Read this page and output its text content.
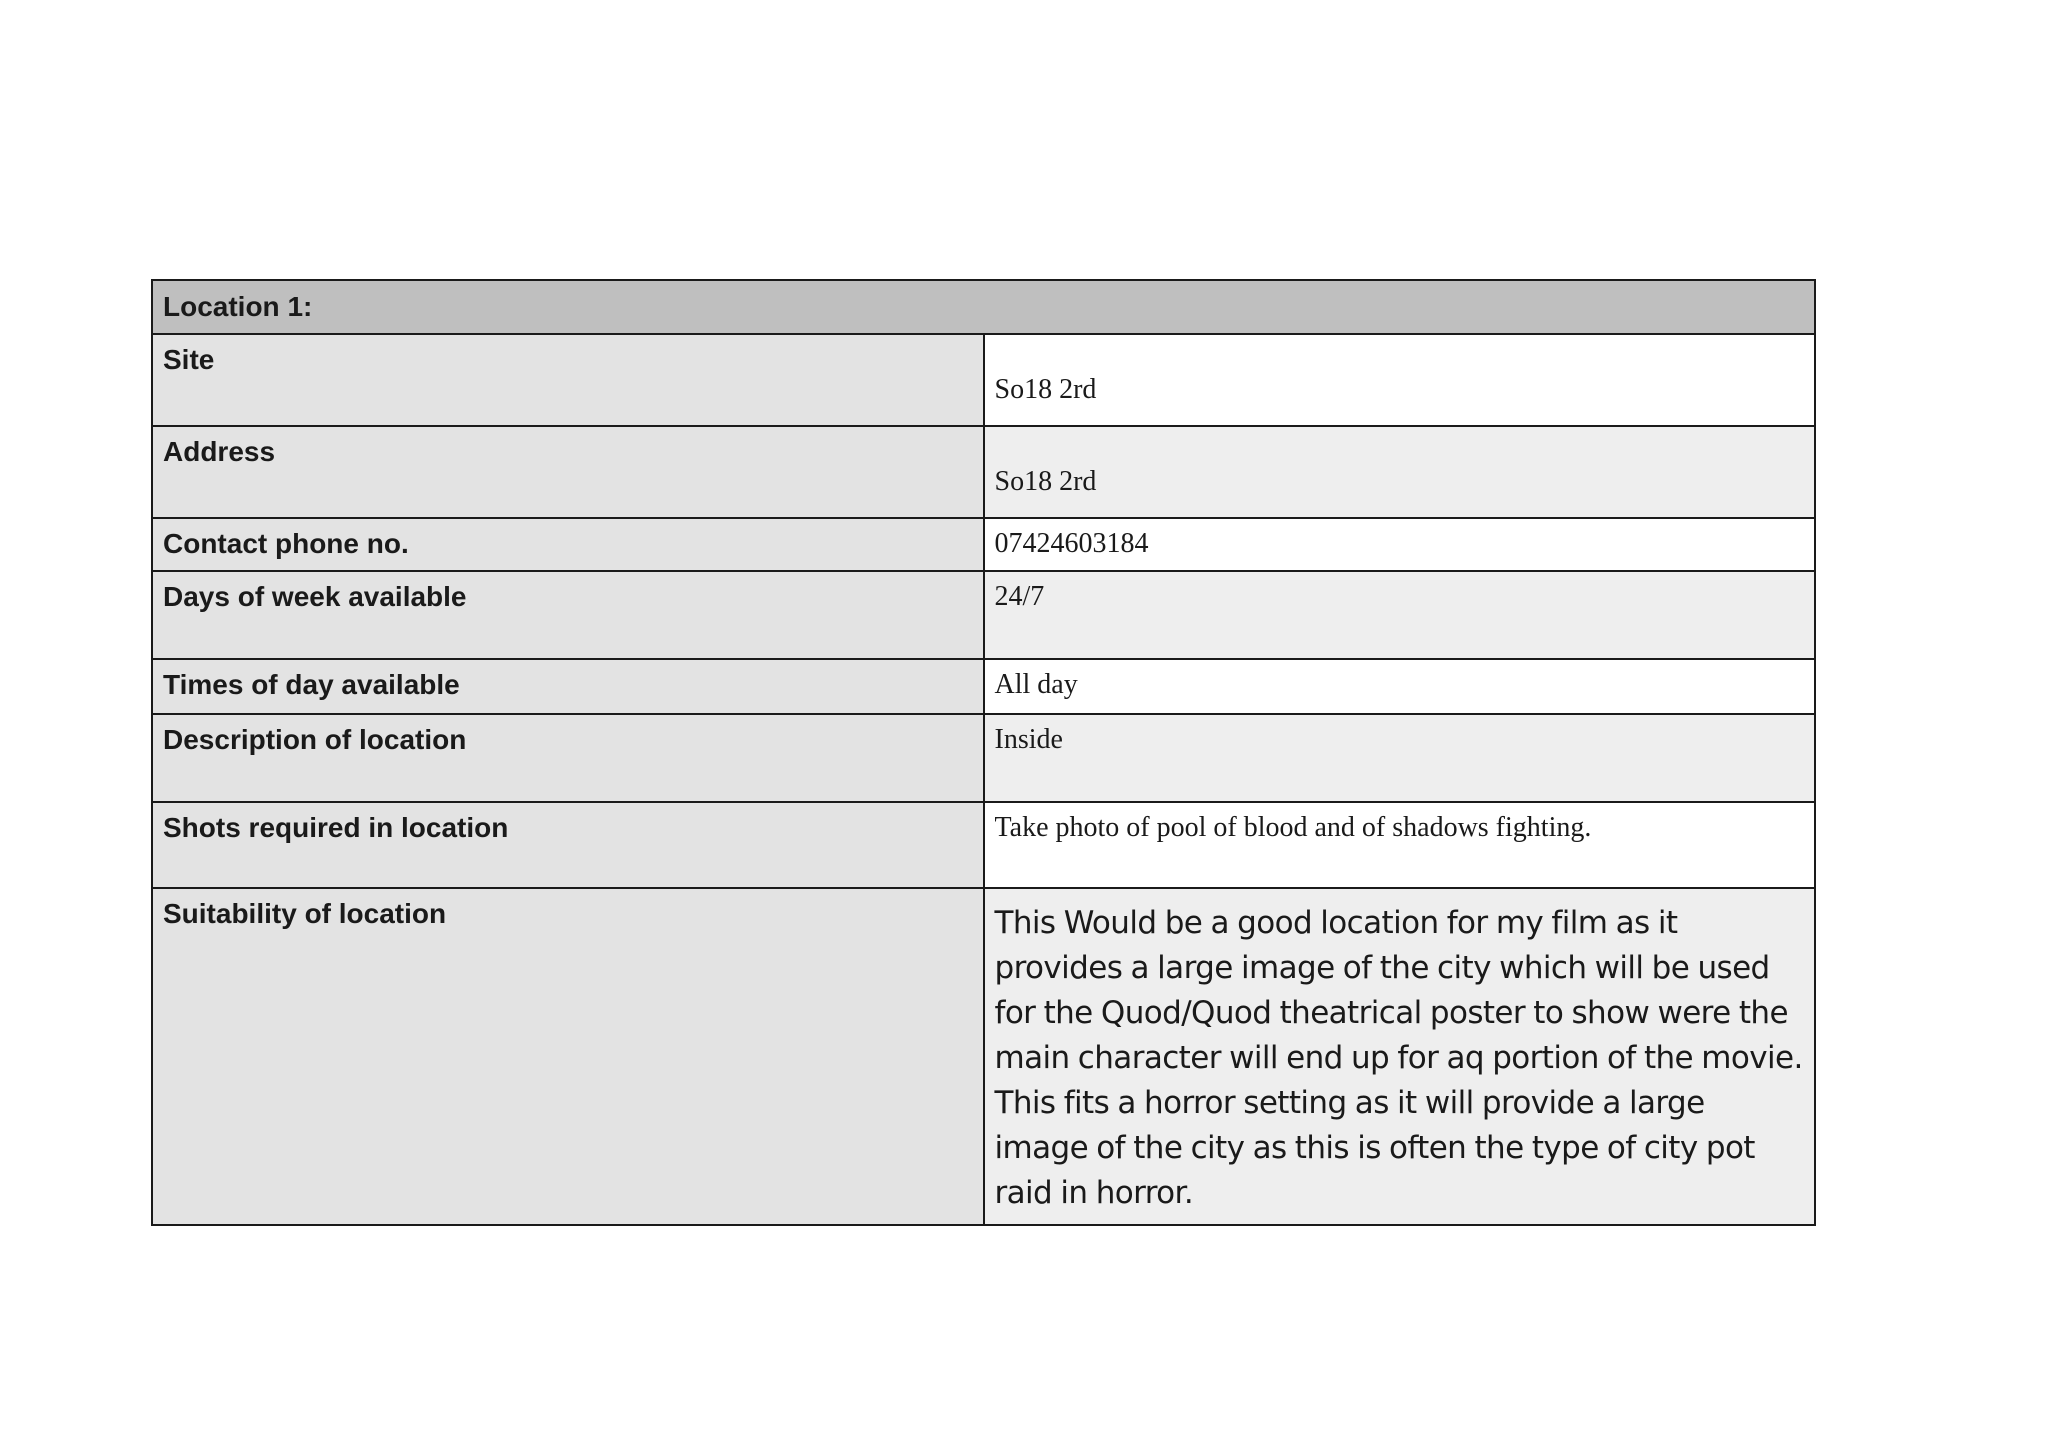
Location 1:	
Site	So18 2rd

Address	So18 2rd

Contact phone no.	07424603184
Days of week available	24/7
Times of day available	All day
Description of location	Inside
Shots required in location	Take photo of pool of blood and of shadows fighting.
Suitability of location	This Would be a good location for my film as it provides a large image of the city which will be used for the Quod/Quod theatrical poster to show were the main character will end up for aq portion of the movie. This fits a horror setting as it will provide a large image of the city as this is often the type of city pot raid in horror.
